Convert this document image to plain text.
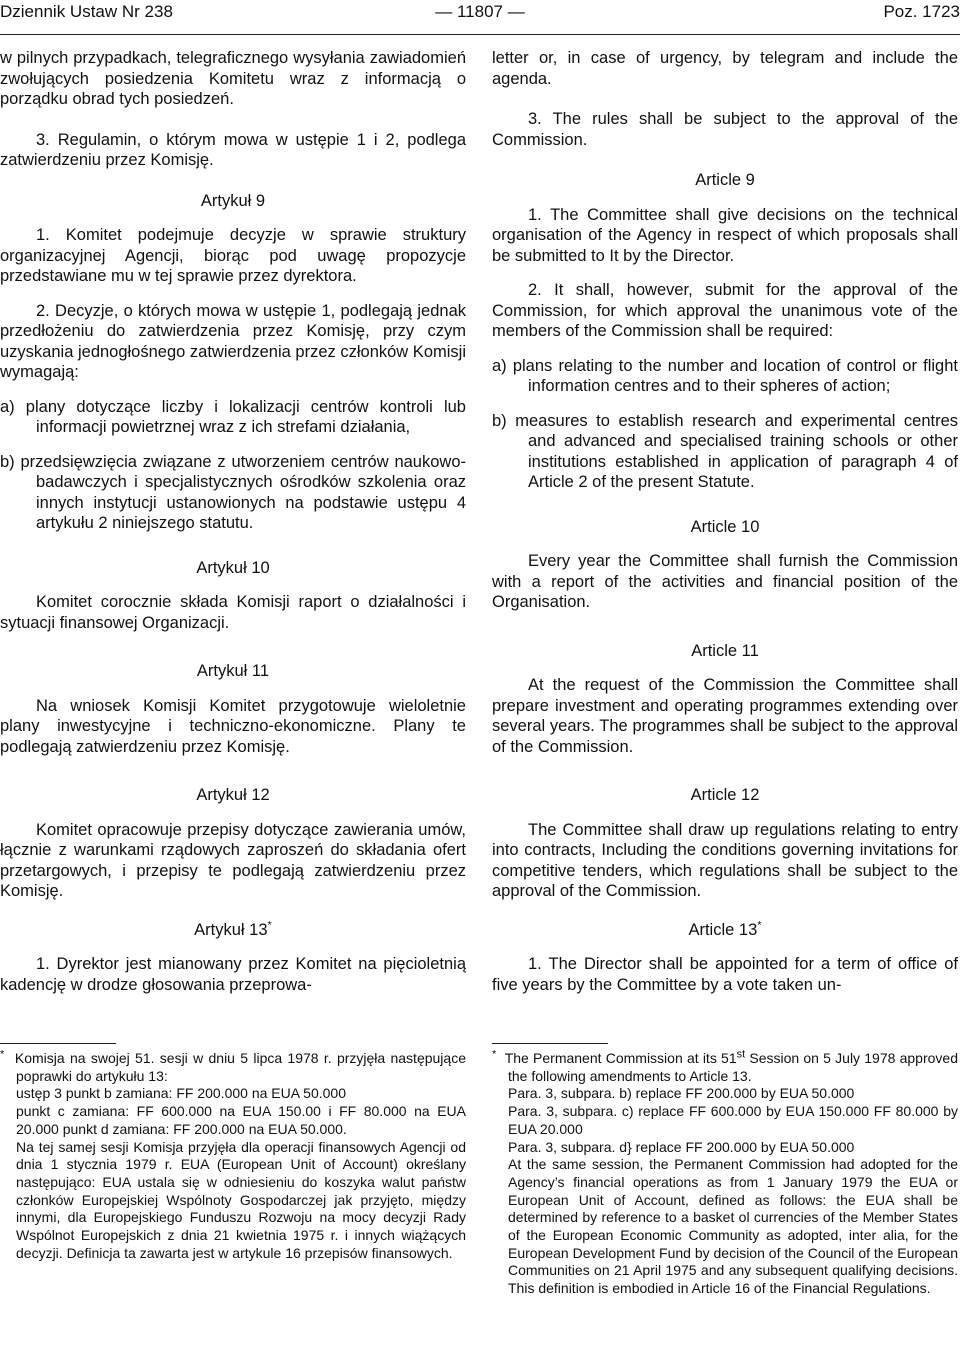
Dziennik Ustaw Nr 238	— 11807 —	Poz. 1723

w pilnych przypadkach, telegraficznego wysyłania zawiadomień zwołujących posiedzenia Komitetu wraz z informacją o porządku obrad tych posiedzeń.

3. Regulamin, o którym mowa w ustępie 1 i 2, podlega zatwierdzeniu przez Komisję.

Artykuł 9

1. Komitet podejmuje decyzje w sprawie struktury organizacyjnej Agencji, biorąc pod uwagę propozycje przedstawiane mu w tej sprawie przez dyrektora.

2. Decyzje, o których mowa w ustępie 1, podlegają jednak przedłożeniu do zatwierdzenia przez Komisję, przy czym uzyskania jednogłośnego zatwierdzenia przez członków Komisji wymagają:

a) plany dotyczące liczby i lokalizacji centrów kontroli lub informacji powietrznej wraz z ich strefami działania,

b) przedsięwzięcia związane z utworzeniem centrów naukowo-badawczych i specjalistycznych ośrodków szkolenia oraz innych instytucji ustanowionych na podstawie ustępu 4 artykułu 2 niniejszego statutu.

Artykuł 10

Komitet corocznie składa Komisji raport o działalności i sytuacji finansowej Organizacji.

Artykuł 11

Na wniosek Komisji Komitet przygotowuje wieloletnie plany inwestycyjne i techniczno-ekonomiczne. Plany te podlegają zatwierdzeniu przez Komisję.

Artykuł 12

Komitet opracowuje przepisy dotyczące zawierania umów, łącznie z warunkami rządowych zaproszeń do składania ofert przetargowych, i przepisy te podlegają zatwierdzeniu przez Komisję.

Artykuł 13*

1. Dyrektor jest mianowany przez Komitet na pięcioletnią kadencję w drodze głosowania przeprowa-

letter or, in case of urgency, by telegram and include the agenda.

3. The rules shall be subject to the approval of the Commission.

Article 9

1. The Committee shall give decisions on the technical organisation of the Agency in respect of which proposals shall be submitted to It by the Director.

2. It shall, however, submit for the approval of the Commission, for which approval the unanimous vote of the members of the Commission shall be required:

a) plans relating to the number and location of control or flight information centres and to their spheres of action;

b) measures to establish research and experimental centres and advanced and specialised training schools or other institutions established in application of paragraph 4 of Article 2 of the present Statute.

Article 10

Every year the Committee shall furnish the Commission with a report of the activities and financial position of the Organisation.

Article 11

At the request of the Commission the Committee shall prepare investment and operating programmes extending over several years. The programmes shall be subject to the approval of the Commission.

Article 12

The Committee shall draw up regulations relating to entry into contracts, Including the conditions governing invitations for competitive tenders, which regulations shall be subject to the approval of the Commission.

Article 13*

1. The Director shall be appointed for a term of office of five years by the Committee by a vote taken un-

* Komisja na swojej 51. sesji w dniu 5 lipca 1978 r. przyjęła następujące poprawki do artykułu 13:

ustęp 3 punkt b zamiana: FF 200.000 na EUA 50.000

punkt c zamiana: FF 600.000 na EUA 150.00 i FF 80.000 na EUA 20.000 punkt d zamiana: FF 200.000 na EUA 50.000.

Na tej samej sesji Komisja przyjęła dla operacji finansowych Agencji od dnia 1 stycznia 1979 r. EUA (European Unit of Account) określany następująco: EUA ustala się w odniesieniu do koszyka walut państw członków Europejskiej Wspólnoty Gospodarczej jak przyjęto, między innymi, dla Europejskiego Funduszu Rozwoju na mocy decyzji Rady Wspólnot Europejskich z dnia 21 kwietnia 1975 r. i innych wiążących decyzji. Definicja ta zawarta jest w artykule 16 przepisów finansowych.

* The Permanent Commission at its 51st Session on 5 July 1978 approved the following amendments to Article 13.

Para. 3, subpara. b) replace FF 200.000 by EUA 50.000

Para. 3, subpara. c) replace FF 600.000 by EUA 150.000 FF 80.000 by EUA 20.000

Para. 3, subpara. d} replace FF 200.000 by EUA 50.000

At the same session, the Permanent Commission had adopted for the Agency’s financial operations as from 1 January 1979 the EUA or European Unit of Account, defined as follows: the EUA shall be determined by reference to a basket ol currencies of the Member States of the European Economic Community as adopted, inter alia, for the European Development Fund by decision of the Council of the European Communities on 21 April 1975 and any subsequent qualifying decisions. This definition is embodied in Article 16 of the Financial Regulations.
